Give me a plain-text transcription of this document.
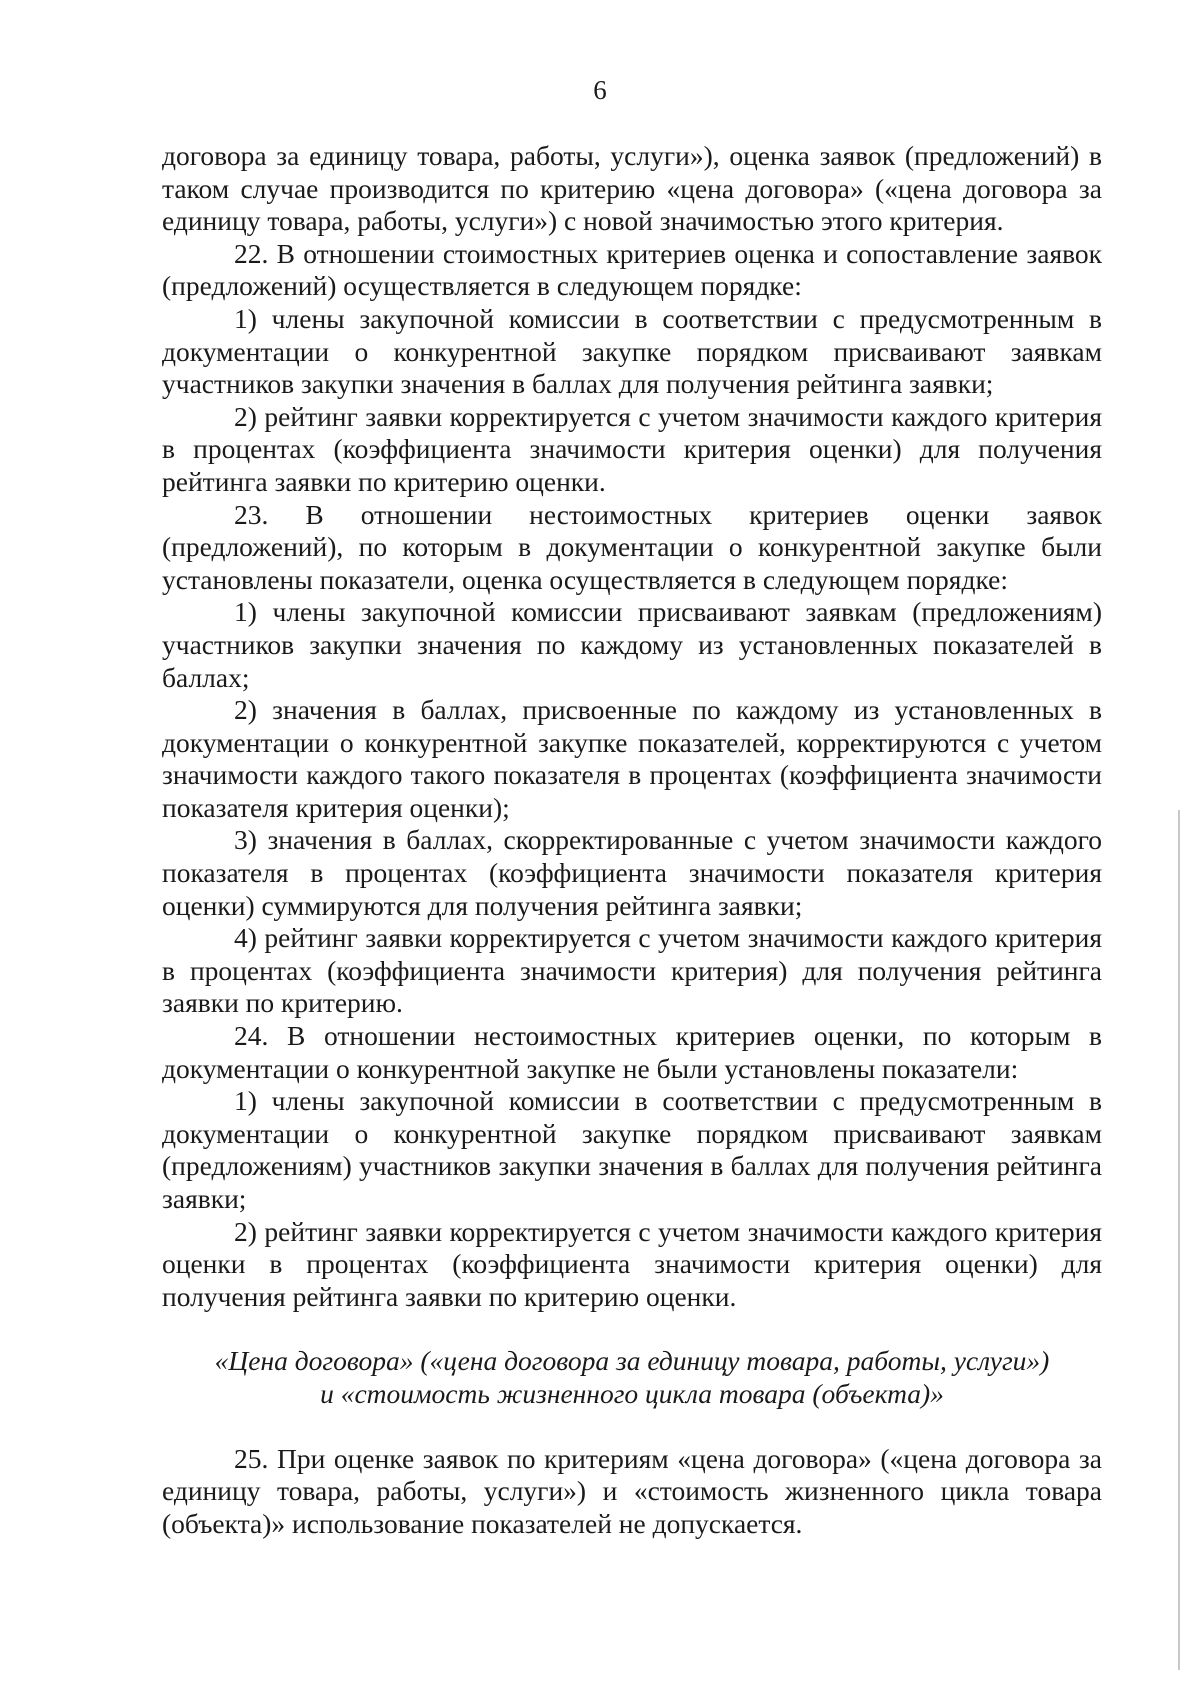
6

договора за единицу товара, работы, услуги»), оценка заявок (предложений) в таком случае производится по критерию «цена договора» («цена договора за единицу товара, работы, услуги») с новой значимостью этого критерия.

22. В отношении стоимостных критериев оценка и сопоставление заявок (предложений) осуществляется в следующем порядке:

1) члены закупочной комиссии в соответствии с предусмотренным в документации о конкурентной закупке порядком присваивают заявкам участников закупки значения в баллах для получения рейтинга заявки;

2) рейтинг заявки корректируется с учетом значимости каждого критерия в процентах (коэффициента значимости критерия оценки) для получения рейтинга заявки по критерию оценки.

23. В отношении нестоимостных критериев оценки заявок (предложений), по которым в документации о конкурентной закупке были установлены показатели, оценка осуществляется в следующем порядке:

1) члены закупочной комиссии присваивают заявкам (предложениям) участников закупки значения по каждому из установленных показателей в баллах;

2) значения в баллах, присвоенные по каждому из установленных в документации о конкурентной закупке показателей, корректируются с учетом значимости каждого такого показателя в процентах (коэффициента значимости показателя критерия оценки);

3) значения в баллах, скорректированные с учетом значимости каждого показателя в процентах (коэффициента значимости показателя критерия оценки) суммируются для получения рейтинга заявки;

4) рейтинг заявки корректируется с учетом значимости каждого критерия в процентах (коэффициента значимости критерия) для получения рейтинга заявки по критерию.

24. В отношении нестоимостных критериев оценки, по которым в документации о конкурентной закупке не были установлены показатели:

1) члены закупочной комиссии в соответствии с предусмотренным в документации о конкурентной закупке порядком присваивают заявкам (предложениям) участников закупки значения в баллах для получения рейтинга заявки;

2) рейтинг заявки корректируется с учетом значимости каждого критерия оценки в процентах (коэффициента значимости критерия оценки) для получения рейтинга заявки по критерию оценки.

«Цена договора» («цена договора за единицу товара, работы, услуги»)
и «стоимость жизненного цикла товара (объекта)»

25. При оценке заявок по критериям «цена договора» («цена договора за единицу товара, работы, услуги») и «стоимость жизненного цикла товара (объекта)» использование показателей не допускается.
